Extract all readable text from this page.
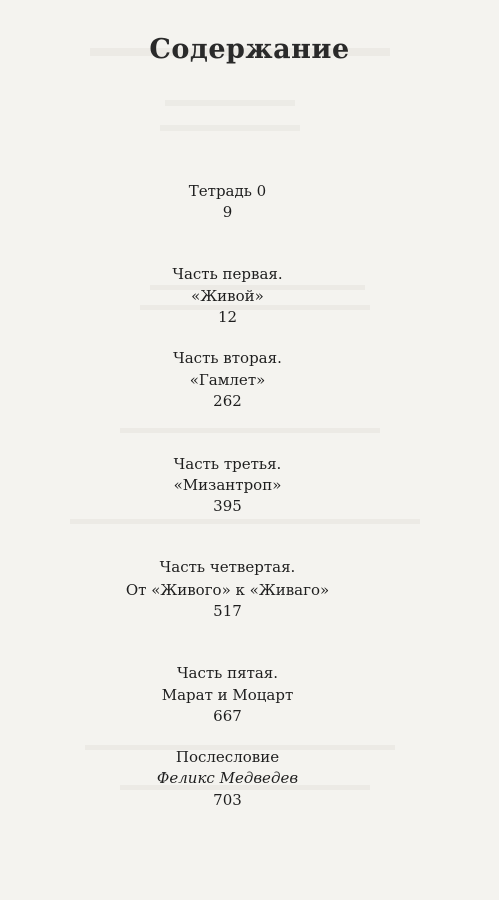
Содержание
Тетрадь 0
9
Часть первая.
«Живой»
12
Часть вторая.
«Гамлет»
262
Часть третья.
«Мизантроп»
395
Часть четвертая.
От «Живого» к «Живаго»
517
Часть пятая.
Марат и Моцарт
667
Послесловие
Феликс Медведев
703
